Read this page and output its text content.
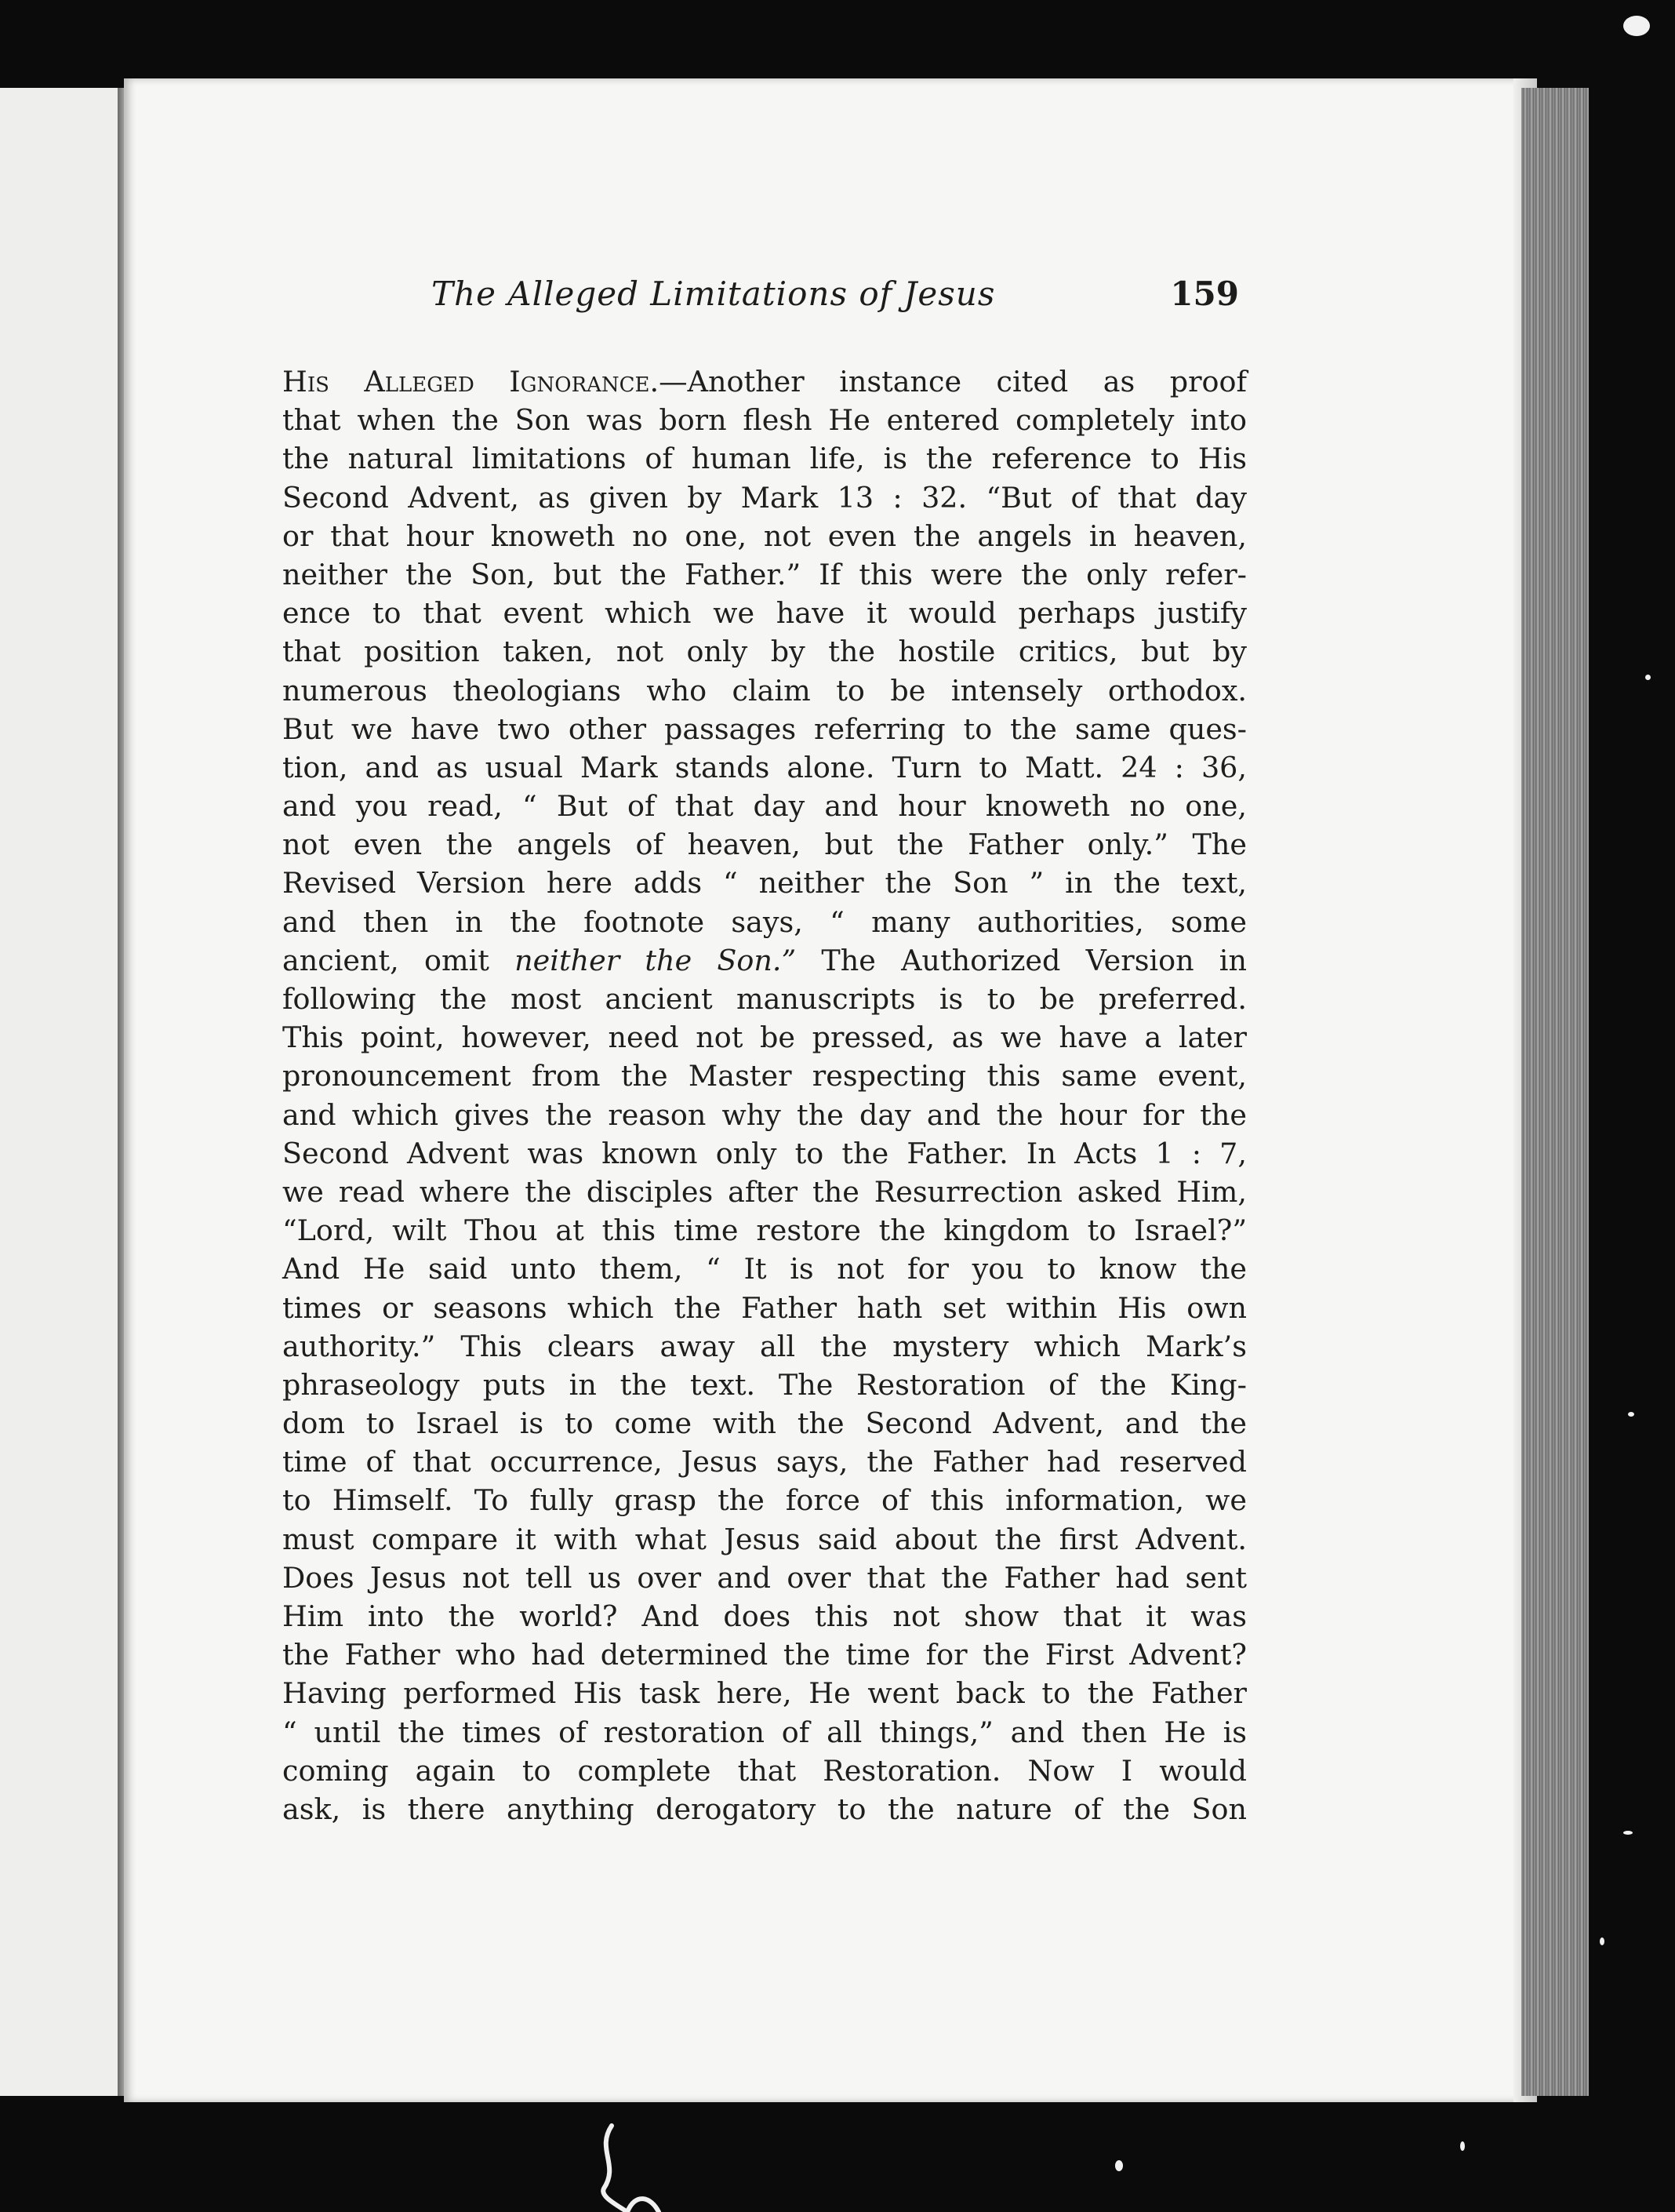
The Alleged Limitations of Jesus	159
His Alleged Ignorance.—Another instance cited as proof
that when the Son was born flesh He entered completely into
the natural limitations of human life, is the reference to His
Second Advent, as given by Mark 13 : 32. “But of that day
or that hour knoweth no one, not even the angels in heaven,
neither the Son, but the Father.” If this were the only refer-
ence to that event which we have it would perhaps justify
that position taken, not only by the hostile critics, but by
numerous theologians who claim to be intensely orthodox.
But we have two other passages referring to the same ques-
tion, and as usual Mark stands alone. Turn to Matt. 24 : 36,
and you read, “ But of that day and hour knoweth no one,
not even the angels of heaven, but the Father only.” The
Revised Version here adds “ neither the Son ” in the text,
and then in the footnote says, “ many authorities, some
ancient, omit neither the Son.” The Authorized Version in
following the most ancient manuscripts is to be preferred.
This point, however, need not be pressed, as we have a later
pronouncement from the Master respecting this same event,
and which gives the reason why the day and the hour for the
Second Advent was known only to the Father. In Acts 1 : 7,
we read where the disciples after the Resurrection asked Him,
“Lord, wilt Thou at this time restore the kingdom to Israel?”
And He said unto them, “ It is not for you to know the
times or seasons which the Father hath set within His own
authority.” This clears away all the mystery which Mark’s
phraseology puts in the text. The Restoration of the King-
dom to Israel is to come with the Second Advent, and the
time of that occurrence, Jesus says, the Father had reserved
to Himself. To fully grasp the force of this information, we
must compare it with what Jesus said about the first Advent.
Does Jesus not tell us over and over that the Father had sent
Him into the world? And does this not show that it was
the Father who had determined the time for the First Advent?
Having performed His task here, He went back to the Father
“ until the times of restoration of all things,” and then He is
coming again to complete that Restoration. Now I would
ask, is there anything derogatory to the nature of the Son
